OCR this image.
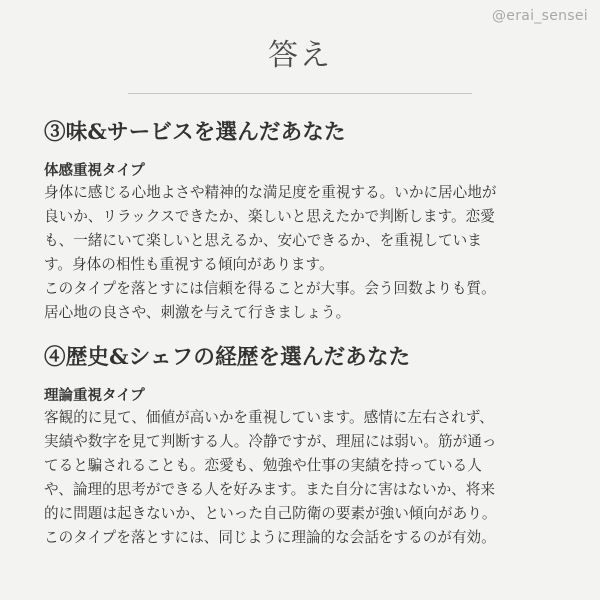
@erai_sensei
答え
③味&サービスを選んだあなた
体感重視タイプ
身体に感じる心地よさや精神的な満足度を重視する。いかに居心地が
良いか、リラックスできたか、楽しいと思えたかで判断します。恋愛
も、一緒にいて楽しいと思えるか、安心できるか、を重視していま
す。身体の相性も重視する傾向があります。
このタイプを落とすには信頼を得ることが大事。会う回数よりも質。
居心地の良さや、刺激を与えて行きましょう。
④歴史&シェフの経歴を選んだあなた
理論重視タイプ
客観的に見て、価値が高いかを重視しています。感情に左右されず、
実績や数字を見て判断する人。冷静ですが、理屈には弱い。筋が通っ
てると騙されることも。恋愛も、勉強や仕事の実績を持っている人
や、論理的思考ができる人を好みます。また自分に害はないか、将来
的に問題は起きないか、といった自己防衛の要素が強い傾向があり。
このタイプを落とすには、同じように理論的な会話をするのが有効。
